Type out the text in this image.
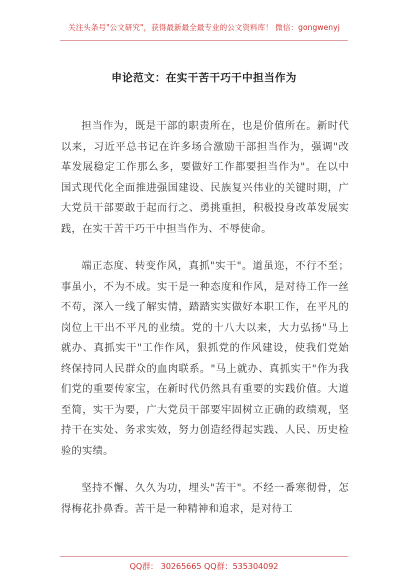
关注头条号"公文研究"，获得最新最全最专业的公文资料库！ 微信：gongwenyj
申论范文：在实干苦干巧干中担当作为

担当作为，既是干部的职责所在，也是价值所在。新时代以来，习近平总书记在许多场合激励干部担当作为，强调"改革发展稳定工作那么多，要做好工作都要担当作为"。在以中国式现代化全面推进强国建设、民族复兴伟业的关键时期，广大党员干部要敢于起而行之、勇挑重担，积极投身改革发展实践，在实干苦干巧干中担当作为、不辱使命。

端正态度、转变作风，真抓"实干"。道虽迩，不行不至；事虽小，不为不成。实干是一种态度和作风，是对待工作一丝不苟，深入一线了解实情，踏踏实实做好本职工作，在平凡的岗位上干出不平凡的业绩。党的十八大以来，大力弘扬"马上就办、真抓实干"工作作风，狠抓党的作风建设，使我们党始终保持同人民群众的血肉联系。"马上就办、真抓实干"作为我们党的重要传家宝，在新时代仍然具有重要的实践价值。大道至简，实干为要，广大党员干部要牢固树立正确的政绩观，坚持干在实处、务求实效，努力创造经得起实践、人民、历史检验的实绩。

坚持不懈、久久为功，埋头"苦干"。不经一番寒彻骨，怎得梅花扑鼻香。苦干是一种精神和追求，是对待工

QQ群： 30265665 QQ群：535304092
